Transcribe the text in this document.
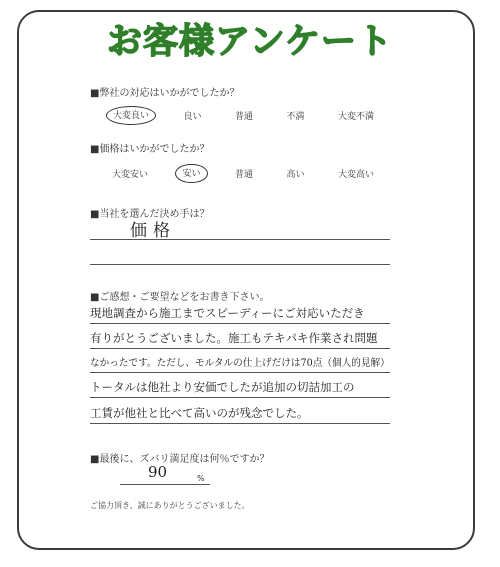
お客様アンケート
■弊社の対応はいかがでしたか？
大変良い	良い	普通	不満	大変不満
■価格はいかがでしたか？
大変安い	安い	普通	高い	大変高い
■当社を選んだ決め手は？
価格
■ご感想・ご要望などをお書き下さい。
現地調査から施工までスピーディーにご対応いただき
有りがとうございました。施工もテキパキ作業され問題
なかったです。ただし、モルタルの仕上げだけは70点（個人的見解）
トータルは他社より安価でしたが追加の切詰加工の
工賃が他社と比べて高いのが残念でした。
■最後に、ズバリ満足度は何％ですか？
90	%
ご協力頂き、誠にありがとうございました。
